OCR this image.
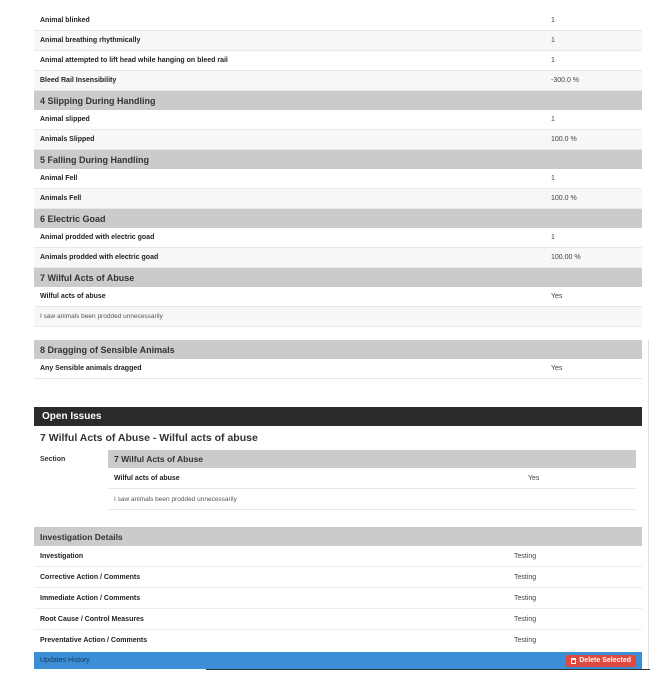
Animal blinked	1
Animal breathing rhythmically	1
Animal attempted to lift head while hanging on bleed rail	1
Bleed Rail Insensibility	-300.0 %
4 Slipping During Handling
Animal slipped	1
Animals Slipped	100.0 %
5 Falling During Handling
Animal Fell	1
Animals Fell	100.0 %
6 Electric Goad
Animal prodded with electric goad	1
Animals prodded with electric goad	100.00 %
7 Wilful Acts of Abuse
Wilful acts of abuse	Yes
I saw animals been prodded unnecessarily
8 Dragging of Sensible Animals
Any Sensible animals dragged	Yes
Open Issues
7 Wilful Acts of Abuse - Wilful acts of abuse
Section	7 Wilful Acts of Abuse
Wilful acts of abuse	Yes
I saw animals been prodded unnecessarily
Investigation Details
Investigation	Testing
Corrective Action / Comments	Testing
Immediate Action / Comments	Testing
Root Cause / Control Measures	Testing
Preventative Action / Comments	Testing
Updates History	Delete Selected
